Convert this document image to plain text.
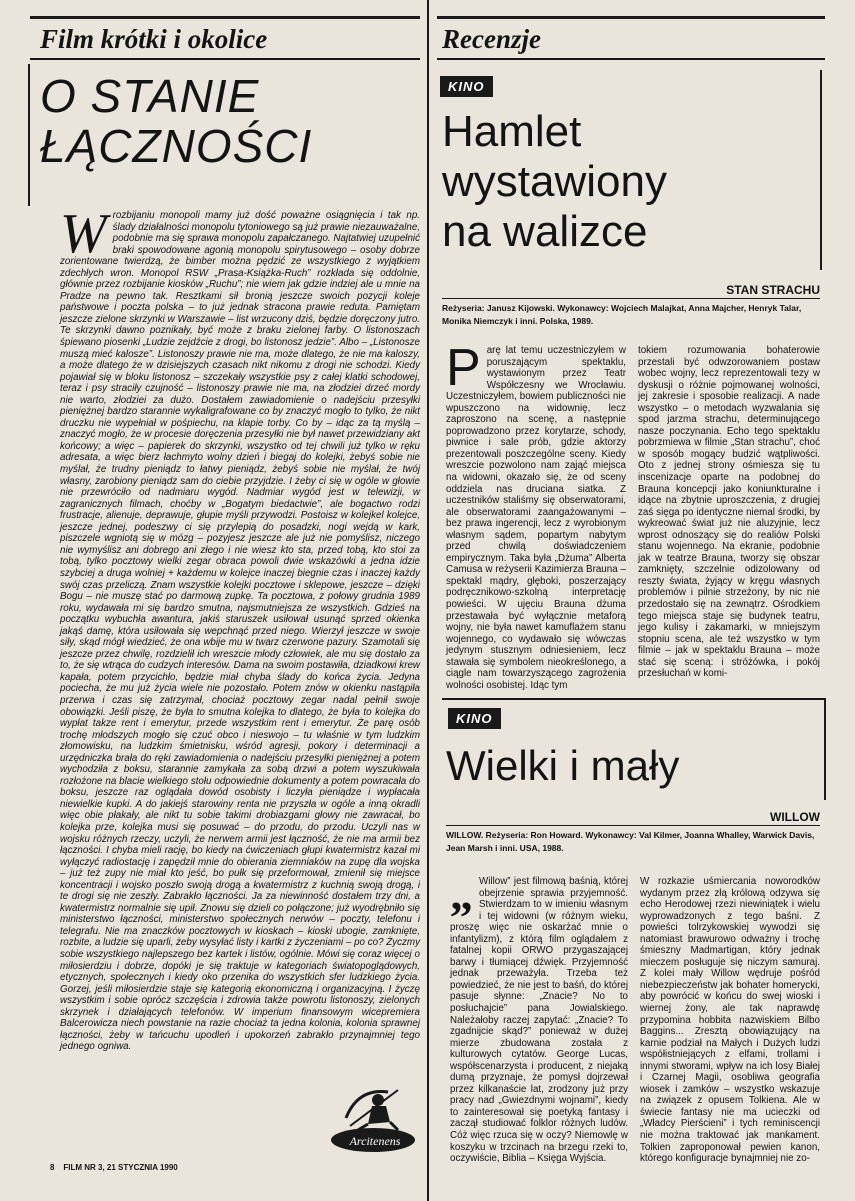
Film krótki i okolice
O STANIE
ŁĄCZNOŚCI
Wrozbijaniu monopoli mamy już dość poważne osiągnięcia i tak np. ślady działalności monopolu tytoniowego są już prawie niezauważalne, podobnie ma się sprawa monopolu zapałczanego. Najtatwiej uzupełnić braki spowodowane agonią monopolu spirytusowego – osoby dobrze zorientowane twierdzą, że bimber można pędzić ze wszystkiego z wyjątkiem zdechłych wron. Monopol RSW „Prasa-Książka-Ruch” rozkłada się oddolnie, głównie przez rozbijanie kiosków „Ruchu”; nie wiem jak gdzie indziej ale u mnie na Pradze na pewno tak. Resztkami sił bronią jeszcze swoich pozycji koleje państwowe i poczta polska – to już jednak stracona prawie reduta. Pamiętam jeszcze zielone skrzynki w Warszawie – list wrzucony dziś, będzie doręczony jutro. Te skrzynki dawno poznikały, być może z braku zielonej farby. O listonoszach śpiewano piosenki „Ludzie zejdźcie z drogi, bo listonosz jedzie”. Albo – „Listonosze muszą mieć kalosze”. Listonoszy prawie nie ma, może dlatego, że nie ma kaloszy, a może dlatego że w dzisiejszych czasach nikt nikomu z drogi nie schodzi. Kiedy pojawiał się w bloku listonosz – szczekały wszystkie psy z całej klatki schodowej, teraz i psy straciły czujność – listonoszy prawie nie ma, na złodziei drzeć mordy nie warto, złodziei za dużo. Dostałem zawiadomienie o nadejściu przesyłki pieniężnej bardzo starannie wykaligrafowane co by znaczyć mogło to tylko, że nikt druczku nie wypełniał w pośpiechu, na klapie torby. Co by – idąc za tą myślą – znaczyć mogło, że w procesie doręczenia przesyłki nie był nawet przewidziany akt końcowy; a więc – papierek do skrzynki, wszystko od tej chwili już tylko w ręku adresata, a więc bierz łachmyto wolny dzień i biegaj do kolejki, żebyś sobie nie myślał, że trudny pieniądz to łatwy pieniądz, żebyś sobie nie myślał, że twój własny, zarobiony pieniądz sam do ciebie przyjdzie. I żeby ci się w ogóle w głowie nie przewróciło od nadmiaru wygód. Nadmiar wygód jest w telewizji, w zagranicznych filmach, choćby w „Bogatym biedactwie”, ale bogactwo rodzi frustracje, alienuje, deprawuje, głupie myśli przywodzi. Postoisz w kolejkel kolejce, jeszcze jednej, podeszwy ci się przylepią do posadzki, nogi wejdą w kark, piszczele wgniotą się w mózg – pozyjesz jeszcze ale już nie pomyślisz, niczego nie wymyślisz ani dobrego ani złego i nie wiesz kto sta, przed tobą, kto stoi za tobą, tylko pocztowy wielki zegar obraca powoli dwie wskazówki a jedna idzie szybciej a druga wolniej + każdemu w kolejce inaczej biegnie czas i inaczej każdy swój czas przeliczą. Znam wszystkie kolejki pocztowe i sklepowe, jeszcze – dzięki Bogu – nie muszę stać po darmową zupkę. Ta pocztowa, z połowy grudnia 1989 roku, wydawała mi się bardzo smutna, najsmutniejsza ze wszystkich. Gdzieś na początku wybuchła awantura, jakiś staruszek usiłował usunąć sprzed okienka jakąś damę, która usiłowała się wepchnąć przed niego. Wierzył jeszcze w swoje siły, skąd mógł wiedzieć, że ona wbije mu w twarz czerwone pazury. Szamotali się jeszcze przez chwilę, rozdzielił ich wreszcie młody człowiek, ale mu się dostało za to, że się wtrąca do cudzych interesów. Dama na swoim postawiła, dziadkowi krew kapała, potem przycichło, będzie miał chyba ślady do końca życia. Jedyna pociecha, że mu już życia wiele nie pozostało. Potem znów w okienku nastąpiła przerwa i czas się zatrzymał, chociaż pocztowy zegar nadal pełnił swoje obowiązki. Jeśli piszę, że była to smutna kolejka to dlatego, że była to kolejka do wypłat takze rent i emerytur, przede wszystkim rent i emerytur. Że parę osób trochę młodszych mogło się czuć obco i nieswojo – tu właśnie w tym ludzkim złomowisku, na ludzkim śmietnisku, wśród agresji, pokory i determinacji a urzędniczka brała do ręki zawiadomienia o nadejściu przesyłki pieniężnej a potem wychodziła z boksu, starannie zamykała za sobą drzwi a potem wyszukiwała rozłożone na blacie wielkiego stołu odpowiednie dokumenty a potem powracała do boksu, jeszcze raz oglądała dowód osobisty i liczyła pieniądze i wypłacała niewielkie kupki. A do jakiejś starowiny renta nie przyszła w ogóle a inną okradli więc obie płakały, ale nikt tu sobie takimi drobiazgami głowy nie zawracał, bo kolejka prze, kolejka musi się posuwać – do przodu, do przodu. Uczyli nas w wojsku różnych rzeczy, uczyli, że nerwem armii jest łączność, że nie ma armii bez łączności. I chyba mieli rację, bo kiedy na ćwiczeniach głupi kwatermistrz kazał mi wyłączyć radiostację i zapędził mnie do obierania ziemniaków na zupę dla wojska – już też zupy nie miał kto jeść, bo pułk się przeformował, zmienił się miejsce koncentracji i wojsko poszło swoją drogą a kwatermistrz z kuchnią swoją drogą, i te drogi się nie zeszły. Zabrakło łączności. Ja za niewinność dostałem trzy dni, a kwatermistrz normalnie się upił. Znowu się dzieli co połączone; już wyodrębniło się ministerstwo łączności, ministerstwo społecznych nerwów – poczty, telefonu i telegrafu. Nie ma znaczków pocztowych w kioskach – kioski ubogie, zamknięte, rozbite, a ludzie się uparli, żeby wysyłać listy i kartki z życzeniami – po co? Życzmy sobie wszystkiego najlepszego bez kartek i listów, ogólnie. Mówi się coraz więcej o miłosierdziu i dobrze, dopóki je się traktuje w kategoriach światopoglądowych, etycznych, społecznych i kiedy oko przenika do wszystkich sfer ludzkiego życia. Gorzej, jeśli miłosierdzie staje się kategorią ekonomiczną i organizacyjną. I życzę wszystkim i sobie oprócz szczęścia i zdrowia także powrotu listonoszy, zielonych skrzynek i działających telefonów. W imperium finansowym wicepremiera Balcerowicza niech powstanie na razie chociaż ta jedna kolonia, kolonia sprawnej łączności, żeby w tańcuchu upodleń i upokorzeń zabrakło przynajmniej tego jednego ogniwa.
Arcitenens
8    FILM NR 3, 21 STYCZNIA 1990
Recenzje
KINO
Hamlet
wystawiony
na walizce
STAN STRACHU
Reżyseria: Janusz Kijowski. Wykonawcy: Wojciech Malajkat, Anna Majcher, Henryk Talar, Monika Niemczyk i inni. Polska, 1989.
Parę lat temu uczestniczyłem w poruszającym spektaklu, wystawionym przez Teatr Współczesny we Wrocławiu. Uczestniczyłem, bowiem publiczności nie wpuszczono na widownię, lecz zaproszono na scenę, a następnie poprowadzono przez korytarze, schody, piwnice i sale prób, gdzie aktorzy prezentowali poszczególne sceny. Kiedy wreszcie pozwolono nam zająć miejsca na widowni, okazało się, że od sceny oddziela nas druciana siatka. Z uczestników staliśmy się obserwatorami, ale obserwatorami zaangażowanymi – bez prawa ingerencji, lecz z wyrobionym własnym sądem, popartym nabytym przed chwilą doświadczeniem empirycznym. Taka była „Dżuma” Alberta Camusa w reżyserii Kazimierza Brauna – spektakl mądry, głęboki, poszerzający podręcznikowo-szkolną interpretację powieści. W ujęciu Brauna dżuma przestawała być wyłącznie metaforą wojny, nie była nawet kamuflażem stanu wojennego, co wydawało się wówczas jedynym stusznym odniesieniem, lecz stawała się symbolem nieokreślonego, a ciągle nam towarzyszącego zagrożenia wolności osobistej. Idąc tym
tokiem rozumowania bohaterowie przestali być odwzorowaniem postaw wobec wojny, lecz reprezentowali tezy w dyskusji o różnie pojmowanej wolności, jej zakresie i sposobie realizacji. A nade wszystko – o metodach wyzwalania się spod jarzma strachu, determinującego nasze poczynania. Echo tego spektaklu pobrzmiewa w filmie „Stan strachu”, choć w sposób mogący budzić wątpliwości. Oto z jednej strony ośmiesza się tu inscenizacje oparte na podobnej do Brauna koncepcji jako koniunkturalne i idące na zbytnie uproszczenia, z drugiej zaś sięga po identyczne niemal środki, by wykreować świat już nie aluzyjnie, lecz wprost odnoszący się do realiów Polski stanu wojennego. Na ekranie, podobnie jak w teatrze Brauna, tworzy się obszar zamknięty, szczelnie odizolowany od reszty świata, żyjący w kręgu własnych problemów i pilnie strzeżony, by nic nie przedostało się na zewnątrz. Ośrodkiem tego miejsca staje się budynek teatru, jego kulisy i zakamarki, w mniejszym stopniu scena, ale też wszystko w tym filmie – jak w spektaklu Brauna – może stać się sceną: i stróżówka, i pokój przesłuchań w komi-
KINO
Wielki i mały
WILLOW
WILLOW. Reżyseria: Ron Howard. Wykonawcy: Val Kilmer, Joanna Whalley, Warwick Davis, Jean Marsh i inni. USA, 1988.
„ Willow” jest filmową baśnią, której obejrzenie sprawia przyjemność. Stwierdzam to w imieniu własnym i tej widowni (w różnym wieku, proszę więc nie oskarżać mnie o infantylizm), z którą film oglądałem z fatalnej kopii ORWO przygaszającej barwy i tłumiącej dźwięk. Przyjemność jednak przeważyła. Trzeba też powiedzieć, że nie jest to baśń, do której pasuje słynne: „Znacie? No to posłuchajcie” pana Jowialskiego. Należałoby raczej zapytać: „Znacie? To zgadnijcie skąd?” ponieważ w dużej mierze zbudowana została z kulturowych cytatów. George Lucas, współscenarzysta i producent, z niejaką dumą przyznaje, że pomysł dojrzewał przez kilkanaście lat, zrodzony już przy pracy nad „Gwiezdnymi wojnami”, kiedy to zainteresował się poetyką fantasy i zaczął studiować folklor różnych ludów. Cóż więc rzuca się w oczy? Niemowlę w koszyku w trzcinach na brzegu rzeki to, oczywiście, Biblia – Księga Wyjścia.
W rozkazie uśmiercania noworodków wydanym przez złą królową odzywa się echo Herodowej rzezi niewiniątek i wielu wyprowadzonych z tego baśni. Z powieści tolrzykowskiej wywodzi się natomiast brawurowo odważny i trochę śmieszny Madmartigan, który jednak mieczem posługuje się niczym samuraj. Z kolei mały Willow wędruje pośród niebezpieczeństw jak bohater homerycki, aby powrócić w końcu do swej wioski i wiernej żony, ale tak naprawdę przypomina hobbita nazwiskiem Bilbo Baggins... Zresztą obowiązujący na karnie podział na Małych i Dużych ludzi współistniejących z elfami, trollami i innymi stworami, wpływ na ich losy Białej i Czarnej Magii, osobliwa geografia wiosek i zamków – wszystko wskazuje na związek z opusem Tolkiena. Ale w świecie fantasy nie ma ucieczki od „Władcy Pierścieni” i tych reminiscencji nie można traktować jak mankament. Tolkien zaproponował pewien kanon, którego konfiguracje bynajmniej nie zo-
